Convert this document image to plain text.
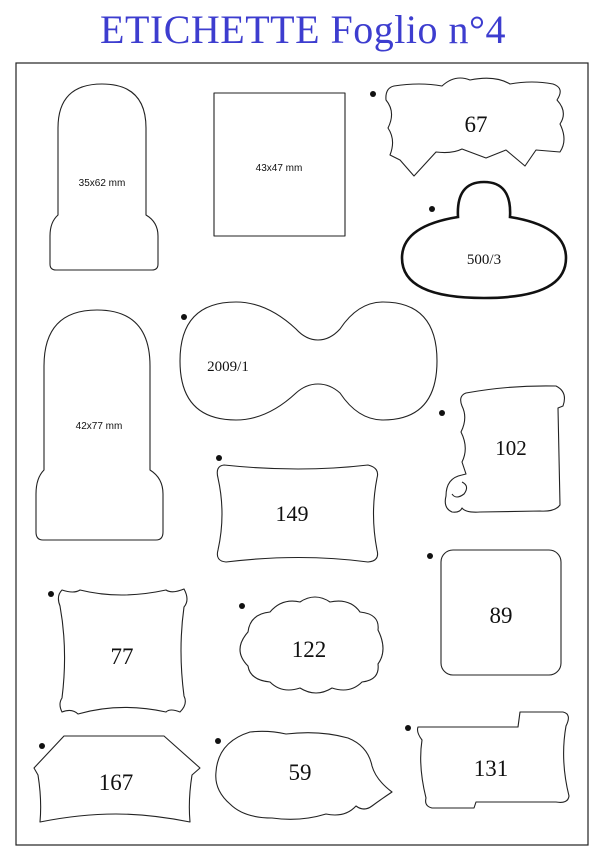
ETICHETTE Foglio n°4
35x62 mm
43x47 mm
67
500/3
42x77 mm
2009/1
102
149
89
77	122
167	59	131
